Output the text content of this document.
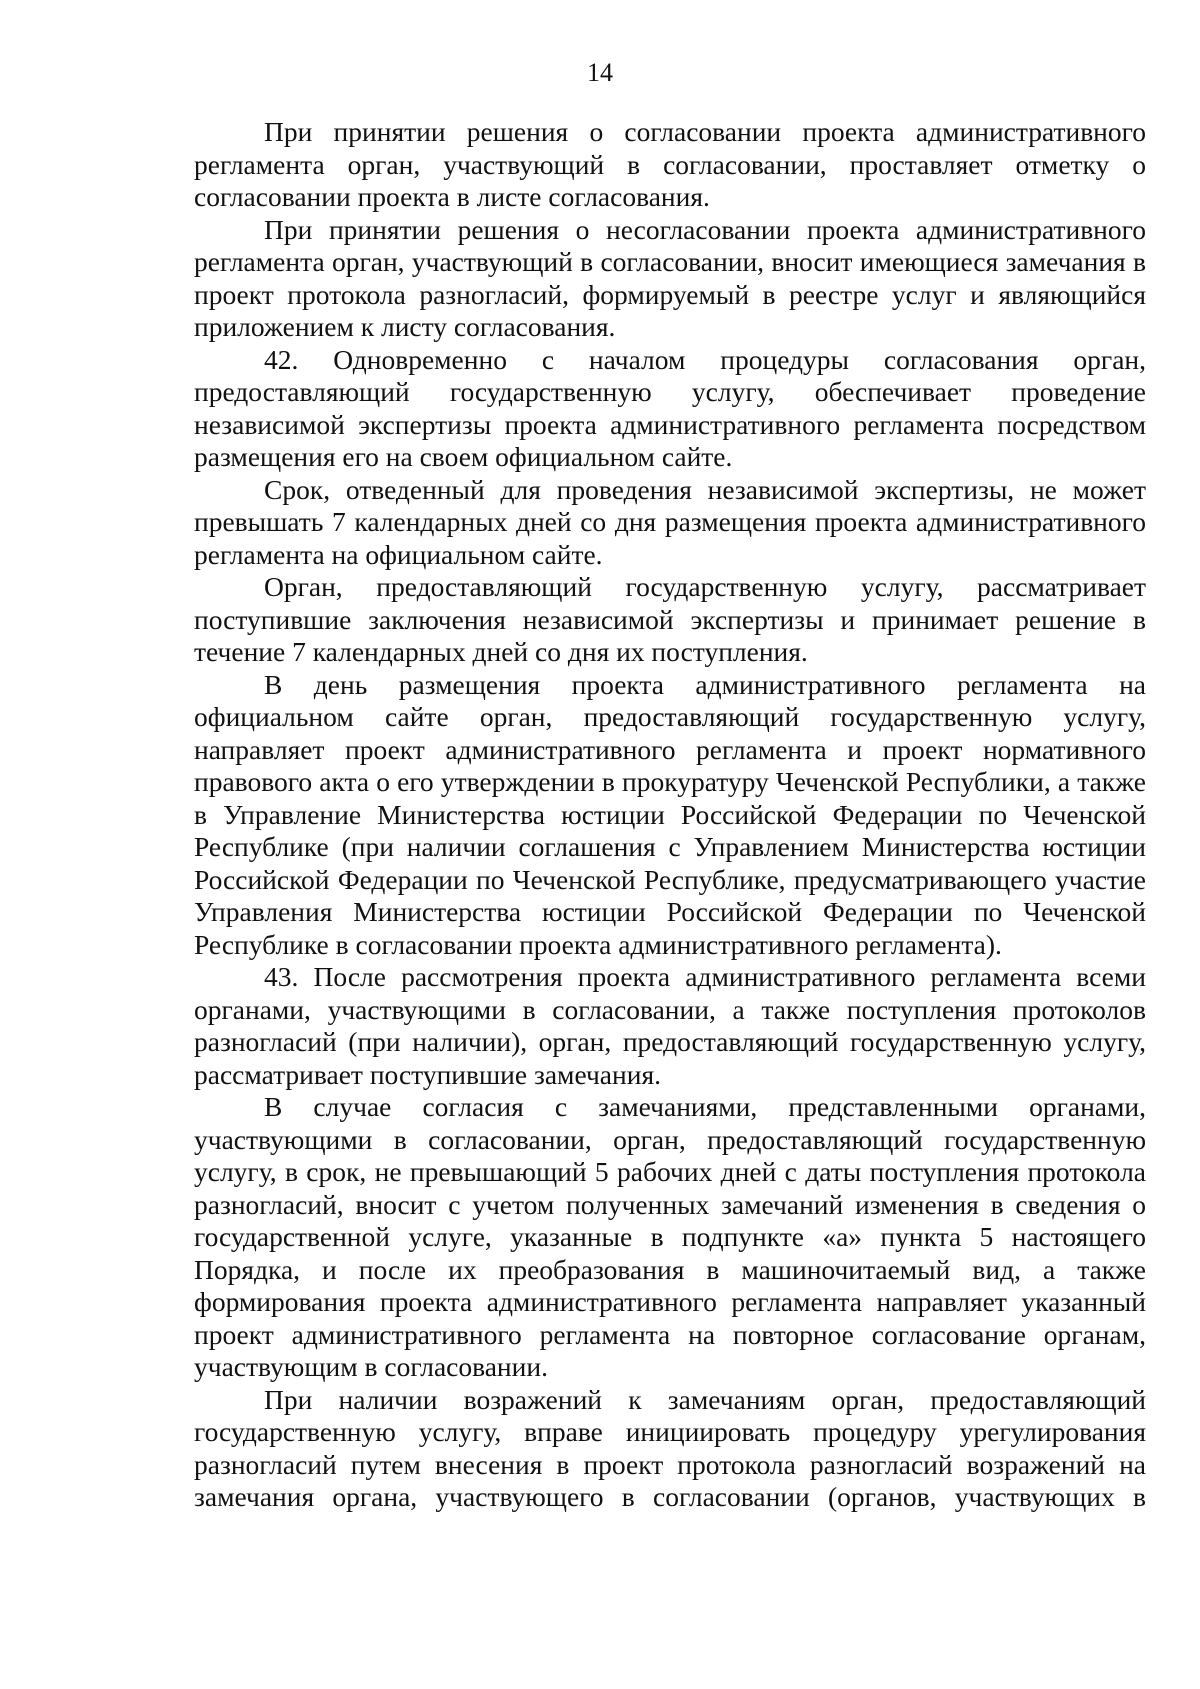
14

При принятии решения о согласовании проекта административного регламента орган, участвующий в согласовании, проставляет отметку о согласовании проекта в листе согласования.

При принятии решения о несогласовании проекта административного регламента орган, участвующий в согласовании, вносит имеющиеся замечания в проект протокола разногласий, формируемый в реестре услуг и являющийся приложением к листу согласования.

42. Одновременно с началом процедуры согласования орган, предоставляющий государственную услугу, обеспечивает проведение независимой экспертизы проекта административного регламента посредством размещения его на своем официальном сайте.

Срок, отведенный для проведения независимой экспертизы, не может превышать 7 календарных дней со дня размещения проекта административного регламента на официальном сайте.

Орган, предоставляющий государственную услугу, рассматривает поступившие заключения независимой экспертизы и принимает решение в течение 7 календарных дней со дня их поступления.

В день размещения проекта административного регламента на официальном сайте орган, предоставляющий государственную услугу, направляет проект административного регламента и проект нормативного правового акта о его утверждении в прокуратуру Чеченской Республики, а также в Управление Министерства юстиции Российской Федерации по Чеченской Республике (при наличии соглашения с Управлением Министерства юстиции Российской Федерации по Чеченской Республике, предусматривающего участие Управления Министерства юстиции Российской Федерации по Чеченской Республике в согласовании проекта административного регламента).

43. После рассмотрения проекта административного регламента всеми органами, участвующими в согласовании, а также поступления протоколов разногласий (при наличии), орган, предоставляющий государственную услугу, рассматривает поступившие замечания.

В случае согласия с замечаниями, представленными органами, участвующими в согласовании, орган, предоставляющий государственную услугу, в срок, не превышающий 5 рабочих дней с даты поступления протокола разногласий, вносит с учетом полученных замечаний изменения в сведения о государственной услуге, указанные в подпункте «а» пункта 5 настоящего Порядка, и после их преобразования в машиночитаемый вид, а также формирования проекта административного регламента направляет указанный проект административного регламента на повторное согласование органам, участвующим в согласовании.

При наличии возражений к замечаниям орган, предоставляющий государственную услугу, вправе инициировать процедуру урегулирования разногласий путем внесения в проект протокола разногласий возражений на замечания органа, участвующего в согласовании (органов, участвующих в
